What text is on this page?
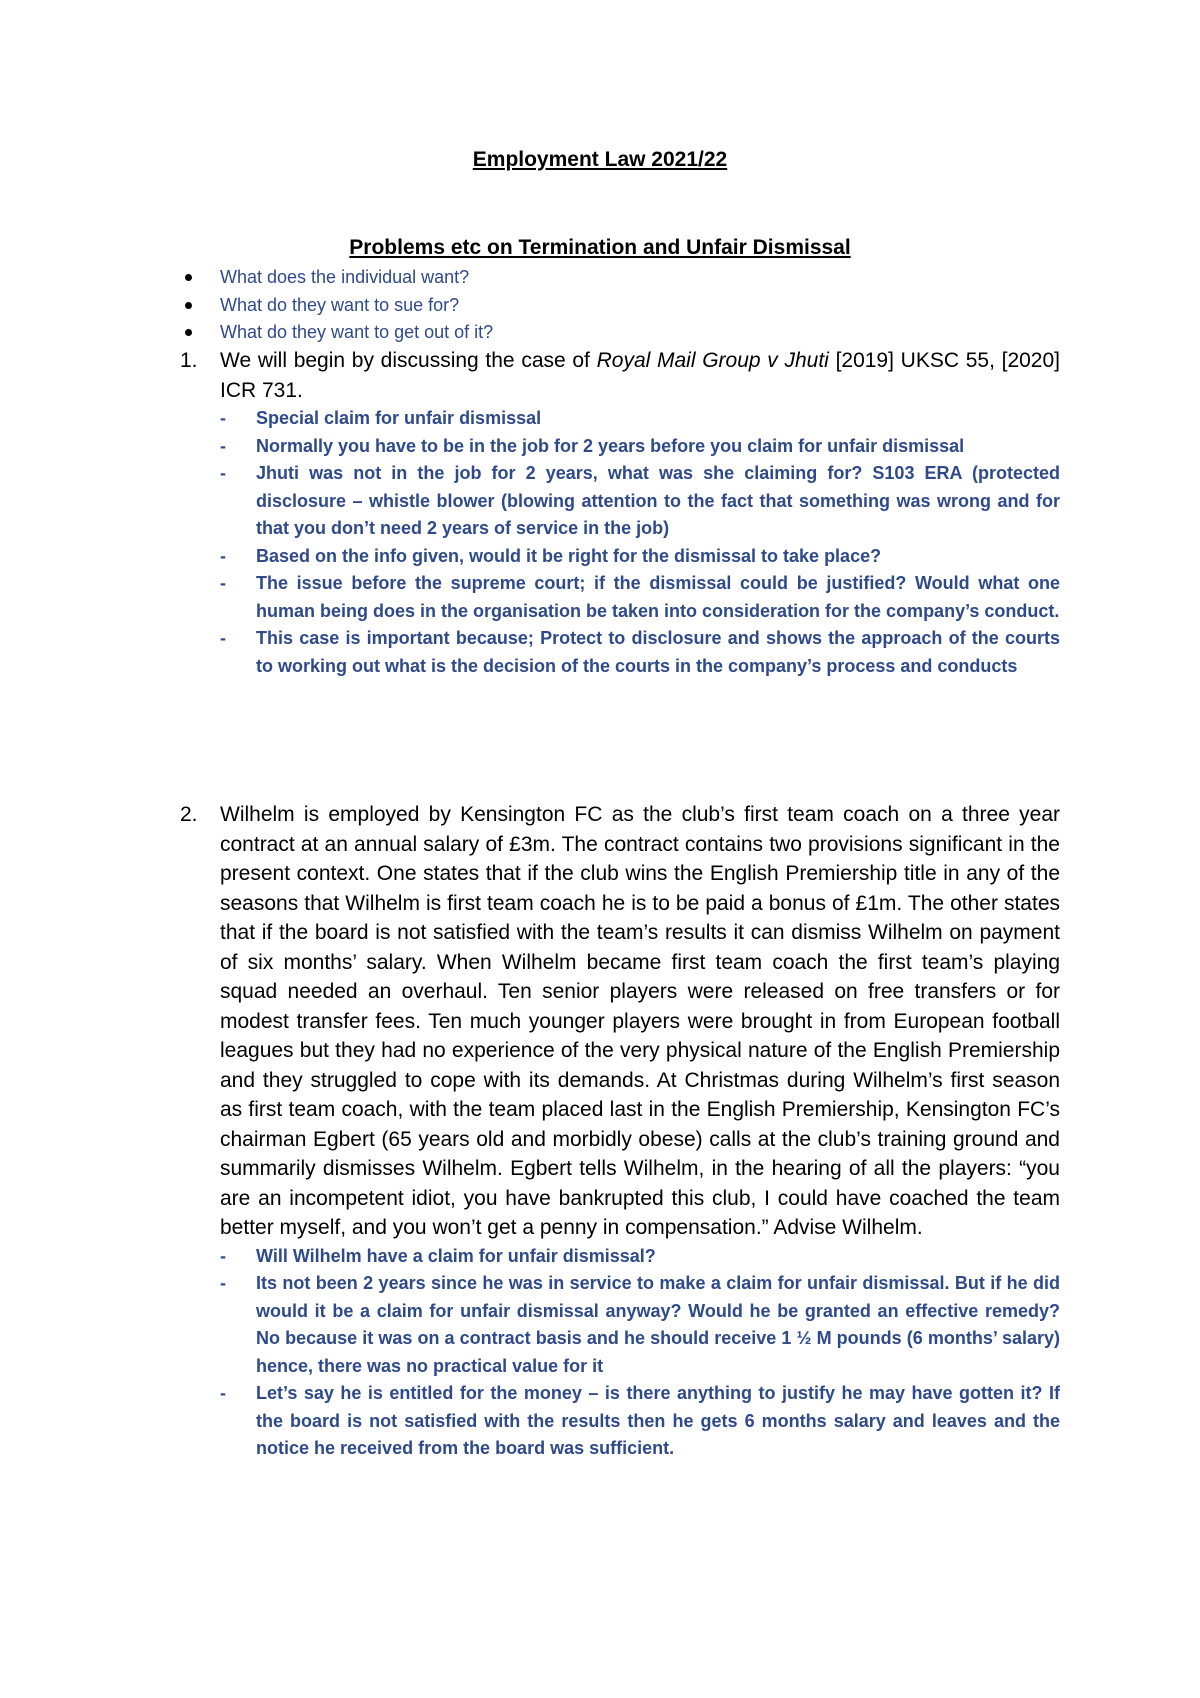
Employment Law 2021/22
Problems etc on Termination and Unfair Dismissal
What does the individual want?
What do they want to sue for?
What do they want to get out of it?
1. We will begin by discussing the case of Royal Mail Group v Jhuti [2019] UKSC 55, [2020] ICR 731.
- Special claim for unfair dismissal
- Normally you have to be in the job for 2 years before you claim for unfair dismissal
- Jhuti was not in the job for 2 years, what was she claiming for? S103 ERA (protected disclosure – whistle blower (blowing attention to the fact that something was wrong and for that you don’t need 2 years of service in the job)
- Based on the info given, would it be right for the dismissal to take place?
- The issue before the supreme court; if the dismissal could be justified? Would what one human being does in the organisation be taken into consideration for the company’s conduct.
- This case is important because; Protect to disclosure and shows the approach of the courts to working out what is the decision of the courts in the company’s process and conducts
2. Wilhelm is employed by Kensington FC as the club’s first team coach on a three year contract at an annual salary of £3m. The contract contains two provisions significant in the present context. One states that if the club wins the English Premiership title in any of the seasons that Wilhelm is first team coach he is to be paid a bonus of £1m. The other states that if the board is not satisfied with the team’s results it can dismiss Wilhelm on payment of six months’ salary. When Wilhelm became first team coach the first team’s playing squad needed an overhaul. Ten senior players were released on free transfers or for modest transfer fees. Ten much younger players were brought in from European football leagues but they had no experience of the very physical nature of the English Premiership and they struggled to cope with its demands. At Christmas during Wilhelm’s first season as first team coach, with the team placed last in the English Premiership, Kensington FC’s chairman Egbert (65 years old and morbidly obese) calls at the club’s training ground and summarily dismisses Wilhelm. Egbert tells Wilhelm, in the hearing of all the players: “you are an incompetent idiot, you have bankrupted this club, I could have coached the team better myself, and you won’t get a penny in compensation.” Advise Wilhelm.
- Will Wilhelm have a claim for unfair dismissal?
- Its not been 2 years since he was in service to make a claim for unfair dismissal. But if he did would it be a claim for unfair dismissal anyway? Would he be granted an effective remedy? No because it was on a contract basis and he should receive 1 ½ M pounds (6 months’ salary) hence, there was no practical value for it
- Let’s say he is entitled for the money – is there anything to justify he may have gotten it? If the board is not satisfied with the results then he gets 6 months salary and leaves and the notice he received from the board was sufficient.
